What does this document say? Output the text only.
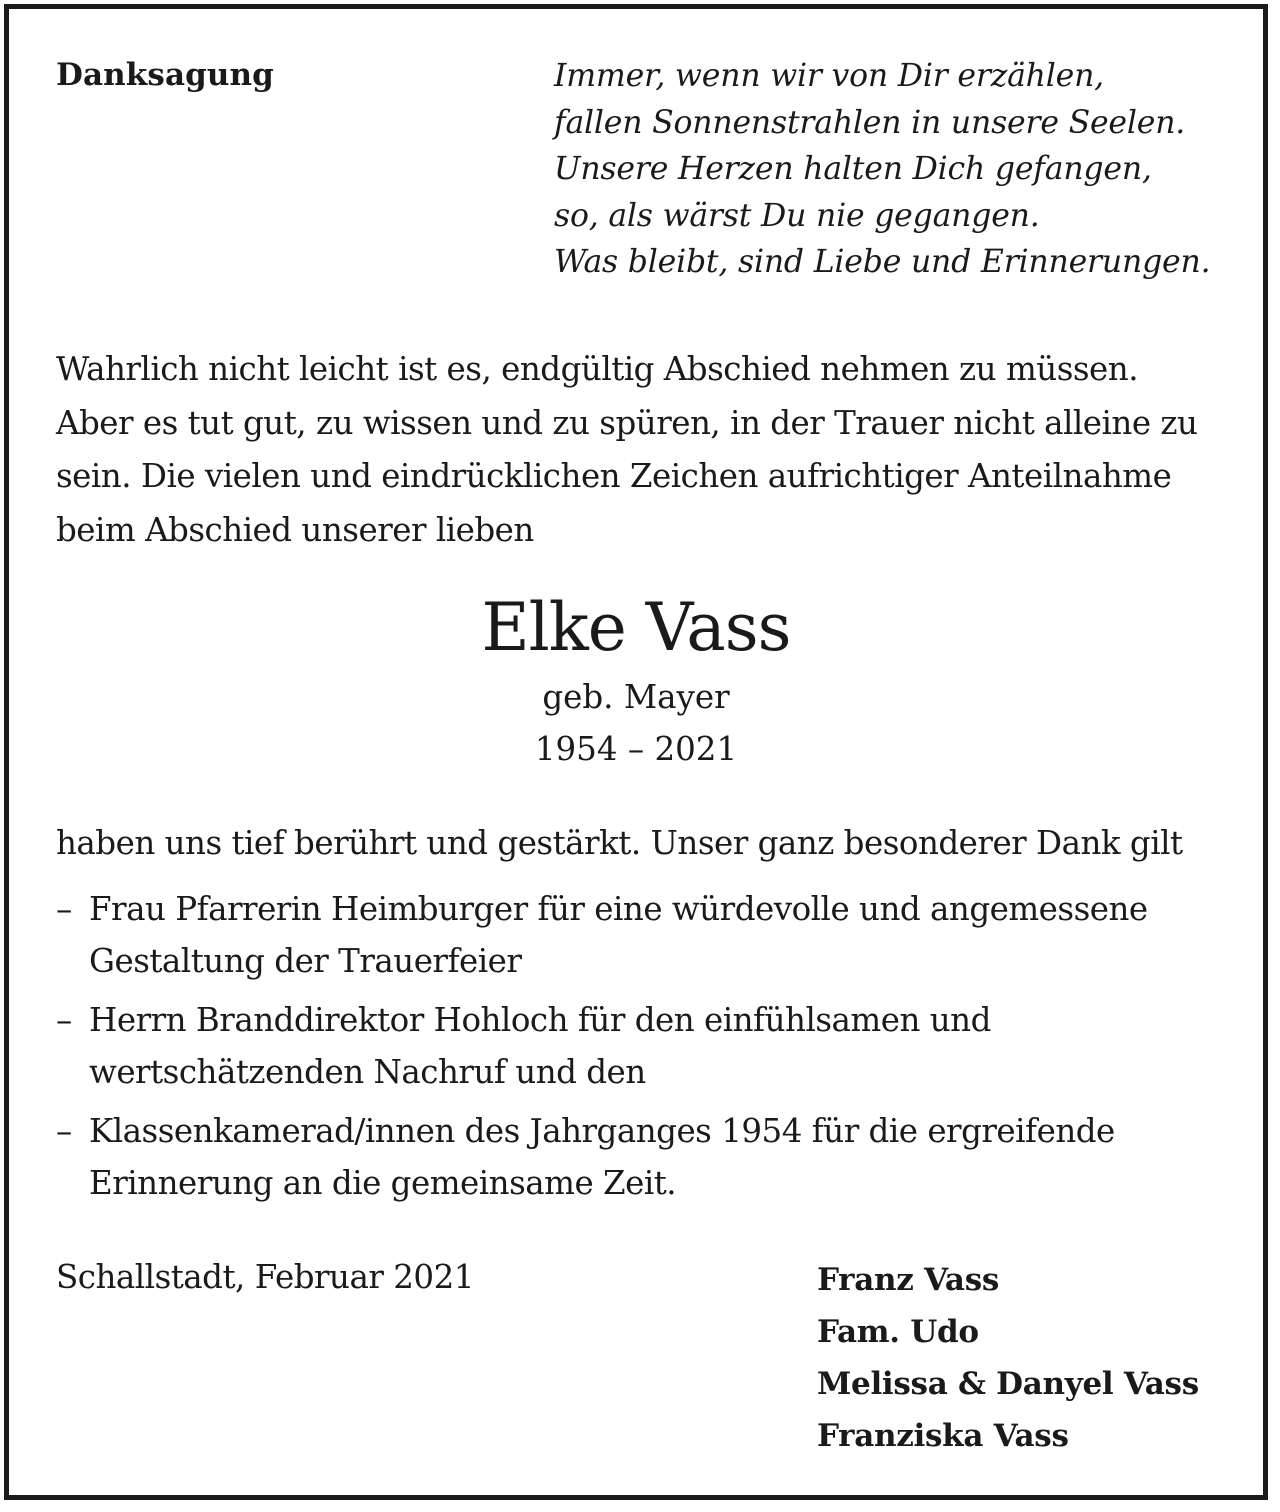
Danksagung	Immer, wenn wir von Dir erzählen,
fallen Sonnenstrahlen in unsere Seelen.
Unsere Herzen halten Dich gefangen,
so, als wärst Du nie gegangen.
Was bleibt, sind Liebe und Erinnerungen.
Wahrlich nicht leicht ist es, endgültig Abschied nehmen zu müssen.
Aber es tut gut, zu wissen und zu spüren, in der Trauer nicht alleine zu
sein. Die vielen und eindrücklichen Zeichen aufrichtiger Anteilnahme
beim Abschied unserer lieben
Elke Vass
geb. Mayer
1954 – 2021
haben uns tief berührt und gestärkt. Unser ganz besonderer Dank gilt
– Frau Pfarrerin Heimburger für eine würdevolle und angemessene
Gestaltung der Trauerfeier
– Herrn Branddirektor Hohloch für den einfühlsamen und
wertschätzenden Nachruf und den
– Klassenkamerad/innen des Jahrganges 1954 für die ergreifende
Erinnerung an die gemeinsame Zeit.
Schallstadt, Februar 2021	Franz Vass
Fam. Udo
Melissa & Danyel Vass
Franziska Vass
